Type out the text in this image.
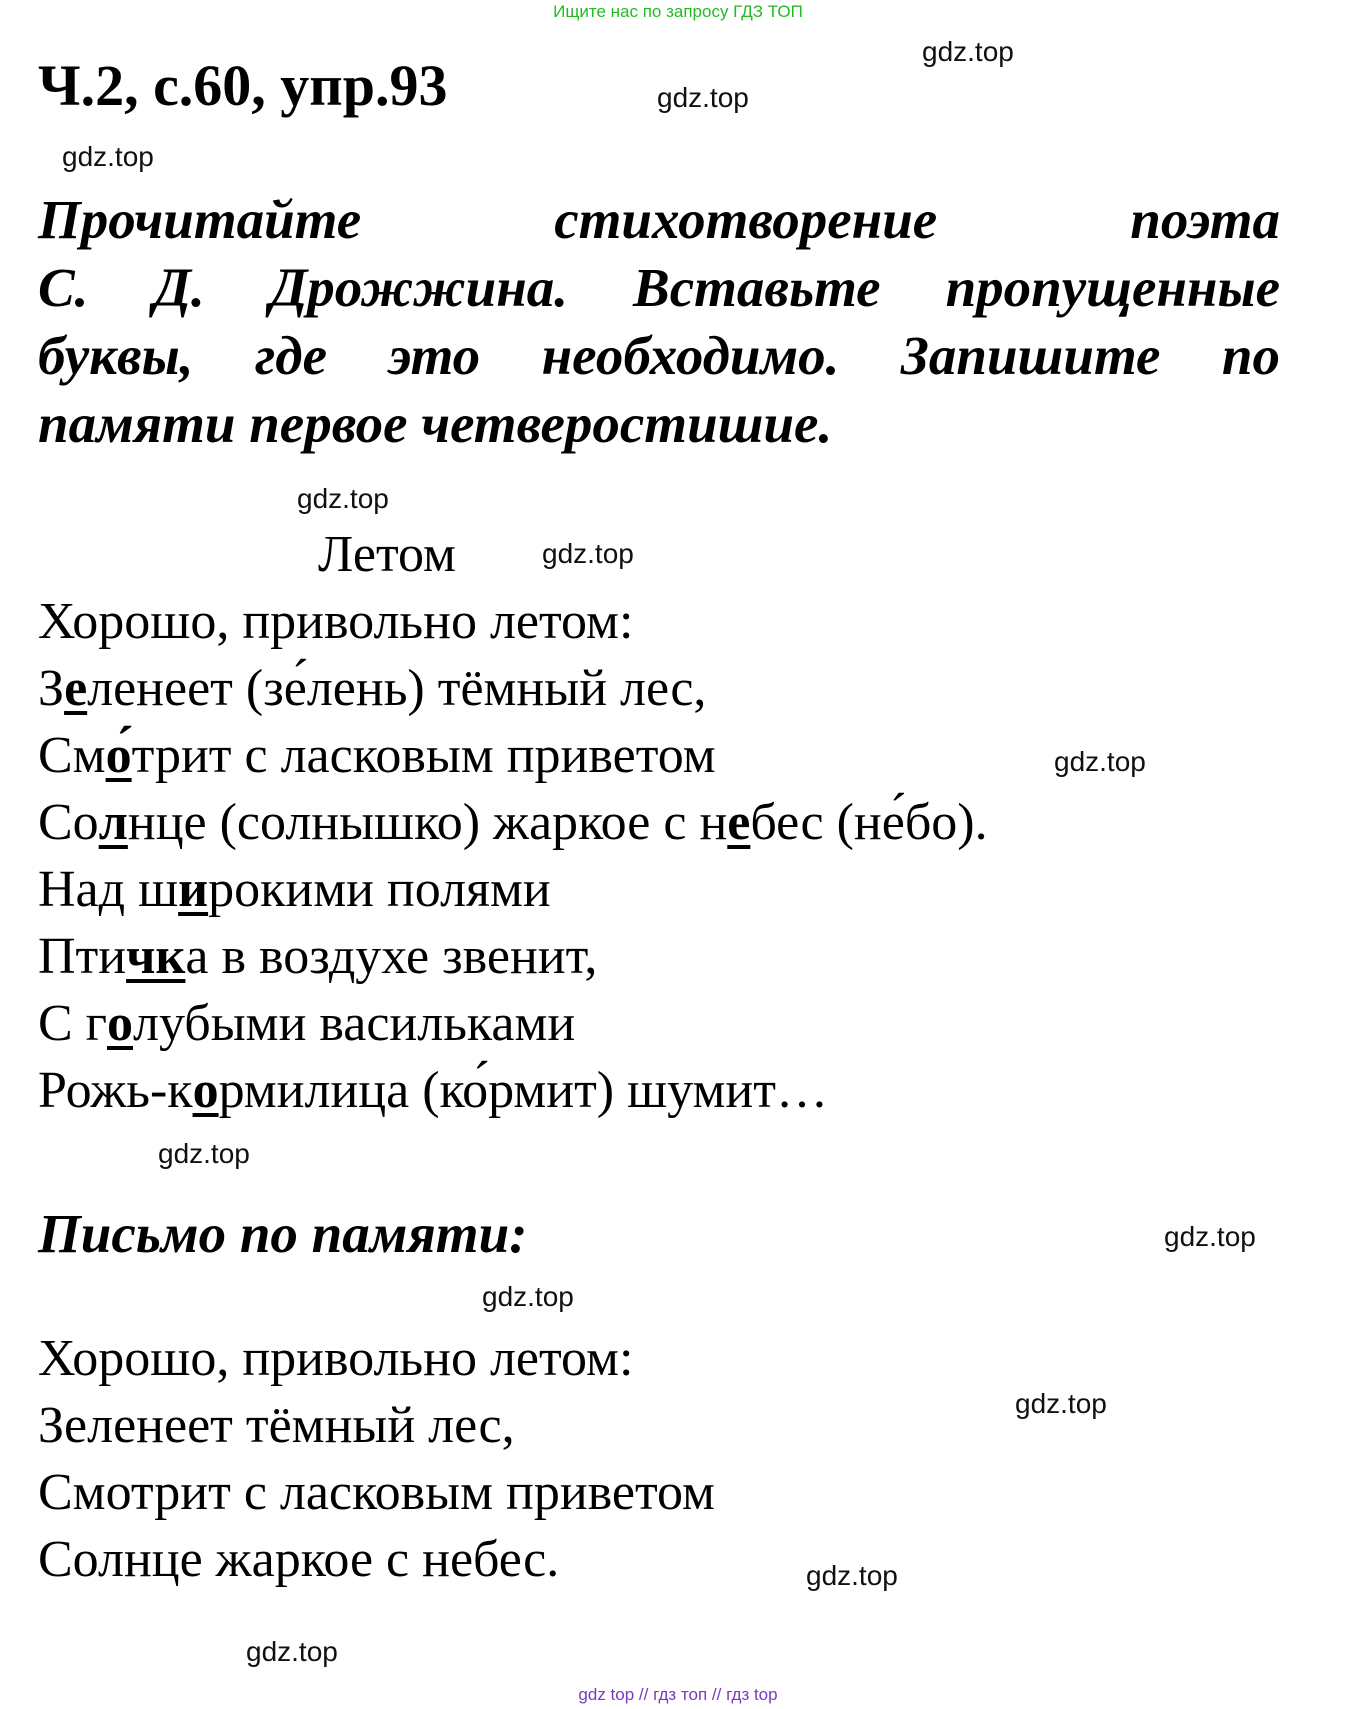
Ищите нас по запросу ГДЗ ТОП
Ч.2, с.60, упр.93
gdz.top
gdz.top
gdz.top
Прочитайте	стихотворение	поэта
С. Д. Дрожжина. Вставьте пропущенные
буквы, где это необходимо. Запишите по
памяти первое четверостишие.
gdz.top
Летом	gdz.top
Хорошо, привольно летом:
Зеленеет (зе́лень) тёмный лес,
Смо́трит с ласковым приветом	gdz.top
Солнце (солнышко) жаркое с небес (не́бо).
Над широкими полями
Птичка в воздухе звенит,
С голубыми васильками
Рожь-кормилица (ко́рмит) шумит…
gdz.top
Письмо по памяти:	gdz.top
gdz.top
Хорошо, привольно летом:
gdz.top
Зеленеет тёмный лес,
Смотрит с ласковым приветом
Солнце жаркое с небес.	gdz.top
gdz.top
gdz top // гдз топ // гдз top
